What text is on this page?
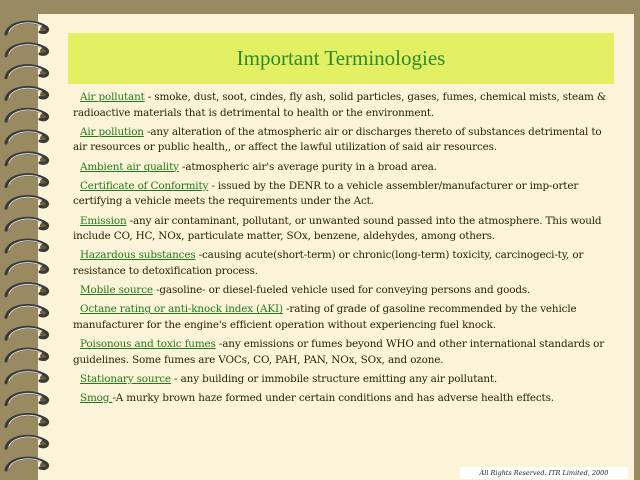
Important Terminologies

Air pollutant - smoke, dust, soot, cindes, fly ash, solid particles, gases, fumes, chemical mists, steam & radioactive materials that is detrimental to health or the environment.

Air pollution -any alteration of the atmospheric air or discharges thereto of substances detrimental to air resources or public health,, or affect the lawful utilization of said air resources.

Ambient air quality -atmospheric air's average purity in a broad area.

Certificate of Conformity - issued by the DENR to a vehicle assembler/manufacturer or imp-orter certifying a vehicle meets the requirements under the Act.

Emission -any air contaminant, pollutant, or unwanted sound passed into the atmosphere. This would include CO, HC, NOx, particulate matter, SOx, benzene, aldehydes, among others.

Hazardous substances -causing acute(short-term) or chronic(long-term) toxicity, carcinogeci-ty, or resistance to detoxification process.

Mobile source -gasoline- or diesel-fueled vehicle used for conveying persons and goods.

Octane rating or anti-knock index (AKI) -rating of grade of gasoline recommended by the vehicle manufacturer for the engine's efficient operation without experiencing fuel knock.

Poisonous and toxic fumes -any emissions or fumes beyond WHO and other international standards or guidelines. Some fumes are VOCs, CO, PAH, PAN, NOx, SOx, and ozone.

Stationary source - any building or immobile structure emitting any air pollutant.

Smog -A murky brown haze formed under certain conditions and has adverse health effects.

All Rights Reserved. ITR Limited, 2000
